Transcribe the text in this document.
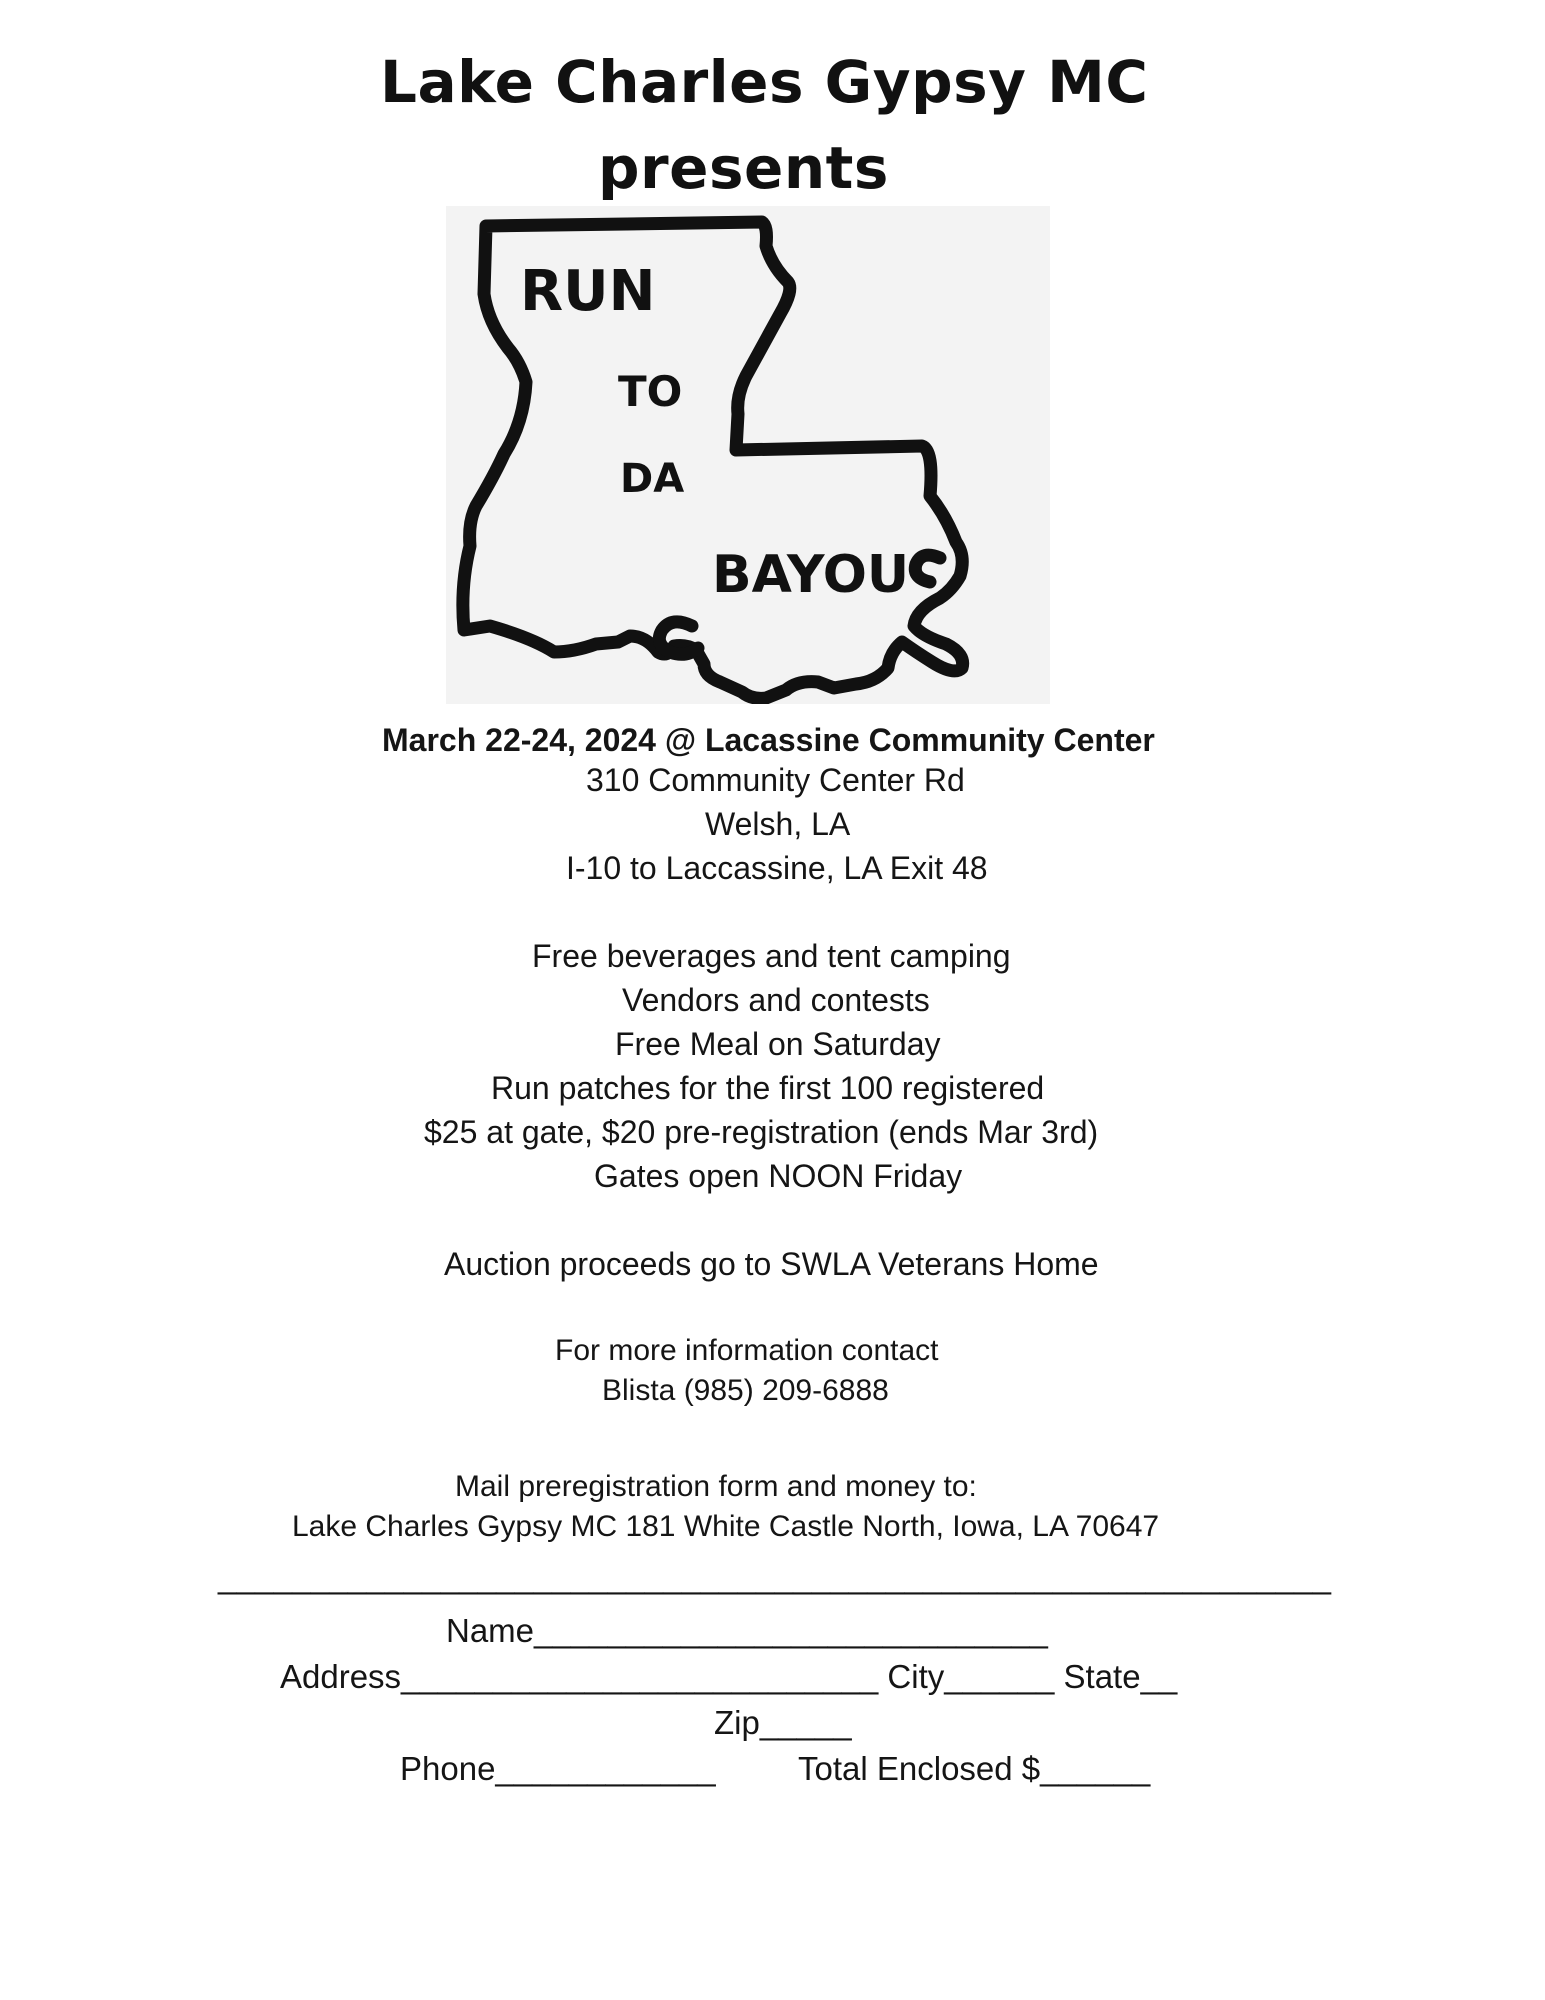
Lake Charles Gypsy MC
presents
RUN
TO
DA
BAYOU
March 22-24, 2024 @ Lacassine Community Center
310 Community Center Rd
Welsh, LA
I-10 to Laccassine, LA Exit 48
Free beverages and tent camping
Vendors and contests
Free Meal on Saturday
Run patches for the first 100 registered
$25 at gate, $20 pre-registration (ends Mar 3rd)
Gates open NOON Friday
Auction proceeds go to SWLA Veterans Home
For more information contact
Blista (985) 209-6888
Mail preregistration form and money to:
Lake Charles Gypsy MC 181 White Castle North, Iowa, LA 70647
____________________________________________________________
Name____________________________
Address__________________________ City______ State__
Zip_____
Phone____________ Total Enclosed $______
